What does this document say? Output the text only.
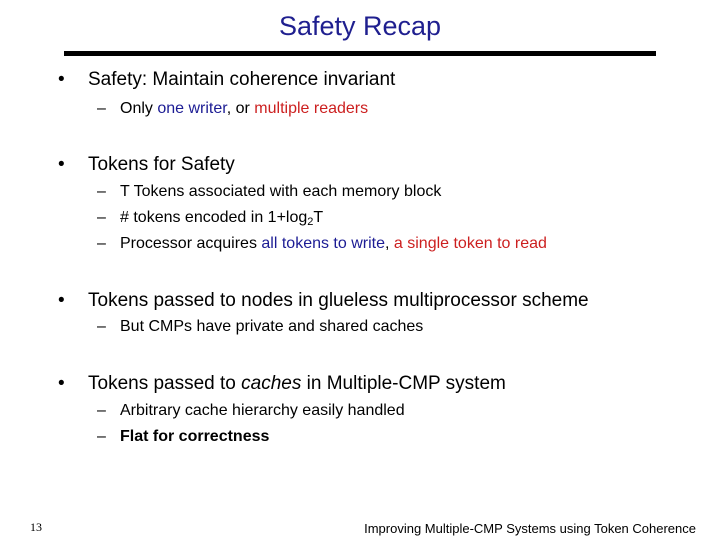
Safety Recap
• Safety: Maintain coherence invariant
– Only one writer, or multiple readers
• Tokens for Safety
– T Tokens associated with each memory block
– # tokens encoded in $1+\log_2T$
– Processor acquires all tokens to write, a single token to read
• Tokens passed to nodes in glueless multiprocessor scheme
– But CMPs have private and shared caches
• Tokens passed to caches in Multiple-CMP system
– Arbitrary cache hierarchy easily handled
– Flat for correctness
13	Improving Multiple-CMP Systems using Token Coherence
